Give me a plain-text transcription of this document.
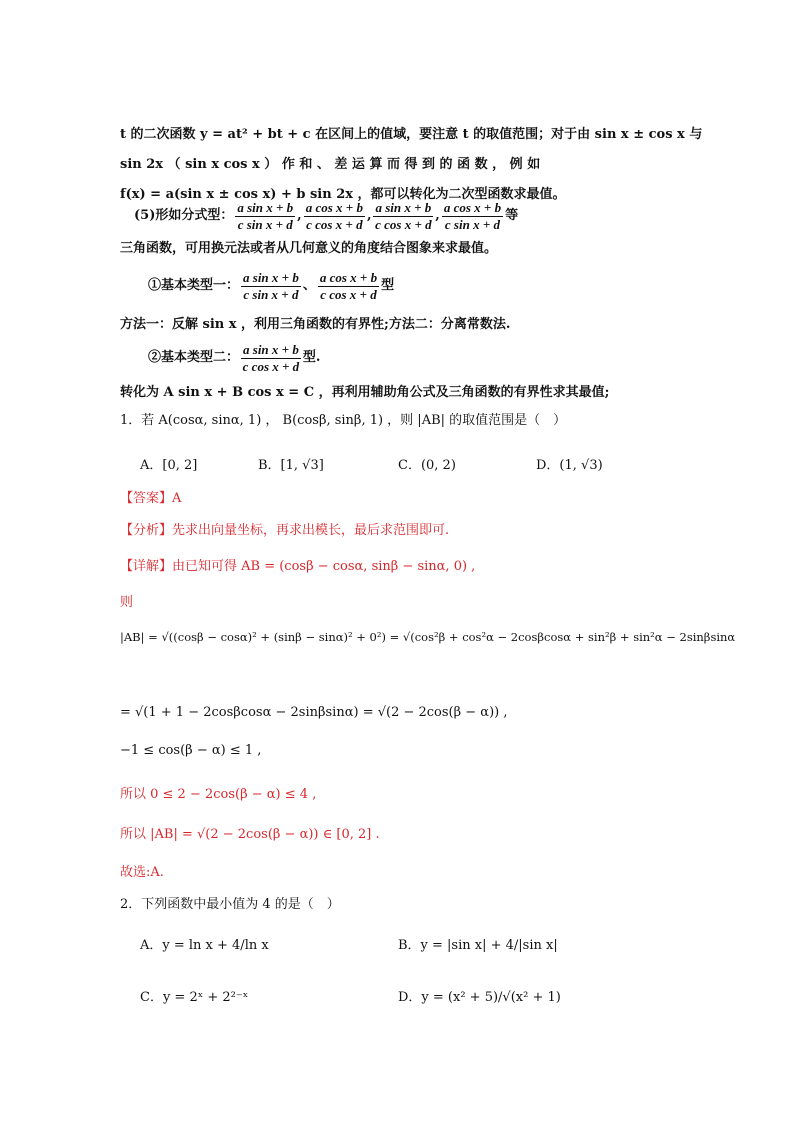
t 的二次函数 y = at² + bt + c 在区间上的值域，要注意 t 的取值范围；对于由 sin x ± cos x 与
sin 2x （ sin x cos x ） 作 和 、 差 运 算 而 得 到 的 函 数 ， 例 如
f(x) = a(sin x ± cos x) + b sin 2x ，都可以转化为二次型函数求最值。
(5)形如分式型： $\frac{\text{a sin x + b}}{\text{c sin x + d}}$ , $\frac{\text{a cos x + b}}{\text{c cos x + d}}$ , $\frac{\text{a sin x + b}}{\text{c cos x + d}}$ , $\frac{\text{a cos x + b}}{\text{c sin x + d}}$ 等
三角函数，可用换元法或者从几何意义的角度结合图象来求最值。
①基本类型一： $\frac{\text{a sin x + b}}{\text{c sin x + d}}$ 、 $\frac{\text{a cos x + b}}{\text{c cos x + d}}$ 型
方法一：反解 sin x ，利用三角函数的有界性;方法二：分离常数法.
②基本类型二： $\frac{\text{a sin x + b}}{\text{c cos x + d}}$ 型.
转化为 A sin x + B cos x = C ，再利用辅助角公式及三角函数的有界性求其最值;
1．若 A(cosα, sinα, 1) ， B(cosβ, sinβ, 1) ，则 |AB| 的取值范围是（　）
A．[0, 2]	B．[1, √3]	C．(0, 2)	D．(1, √3)
【答案】A
【分析】先求出向量坐标，再求出模长，最后求范围即可.
【详解】由已知可得 AB = (cosβ − cosα, sinβ − sinα, 0) ,
则
|AB| = √((cosβ − cosα)² + (sinβ − sinα)² + 0²) = √(cos²β + cos²α − 2cosβcosα + sin²β + sin²α − 2sinβsinα
= √(1 + 1 − 2cosβcosα − 2sinβsinα) = √(2 − 2cos(β − α)) ,
−1 ≤ cos(β − α) ≤ 1 ,
所以 0 ≤ 2 − 2cos(β − α) ≤ 4 ,
所以 |AB| = √(2 − 2cos(β − α)) ∈ [0, 2] .
故选:A.
2．下列函数中最小值为 4 的是（　）
A．y = ln x + 4/ln x	B．y = |sin x| + 4/|sin x|
C．y = 2ˣ + 2²⁻ˣ	D．y = (x² + 5)/√(x² + 1)
